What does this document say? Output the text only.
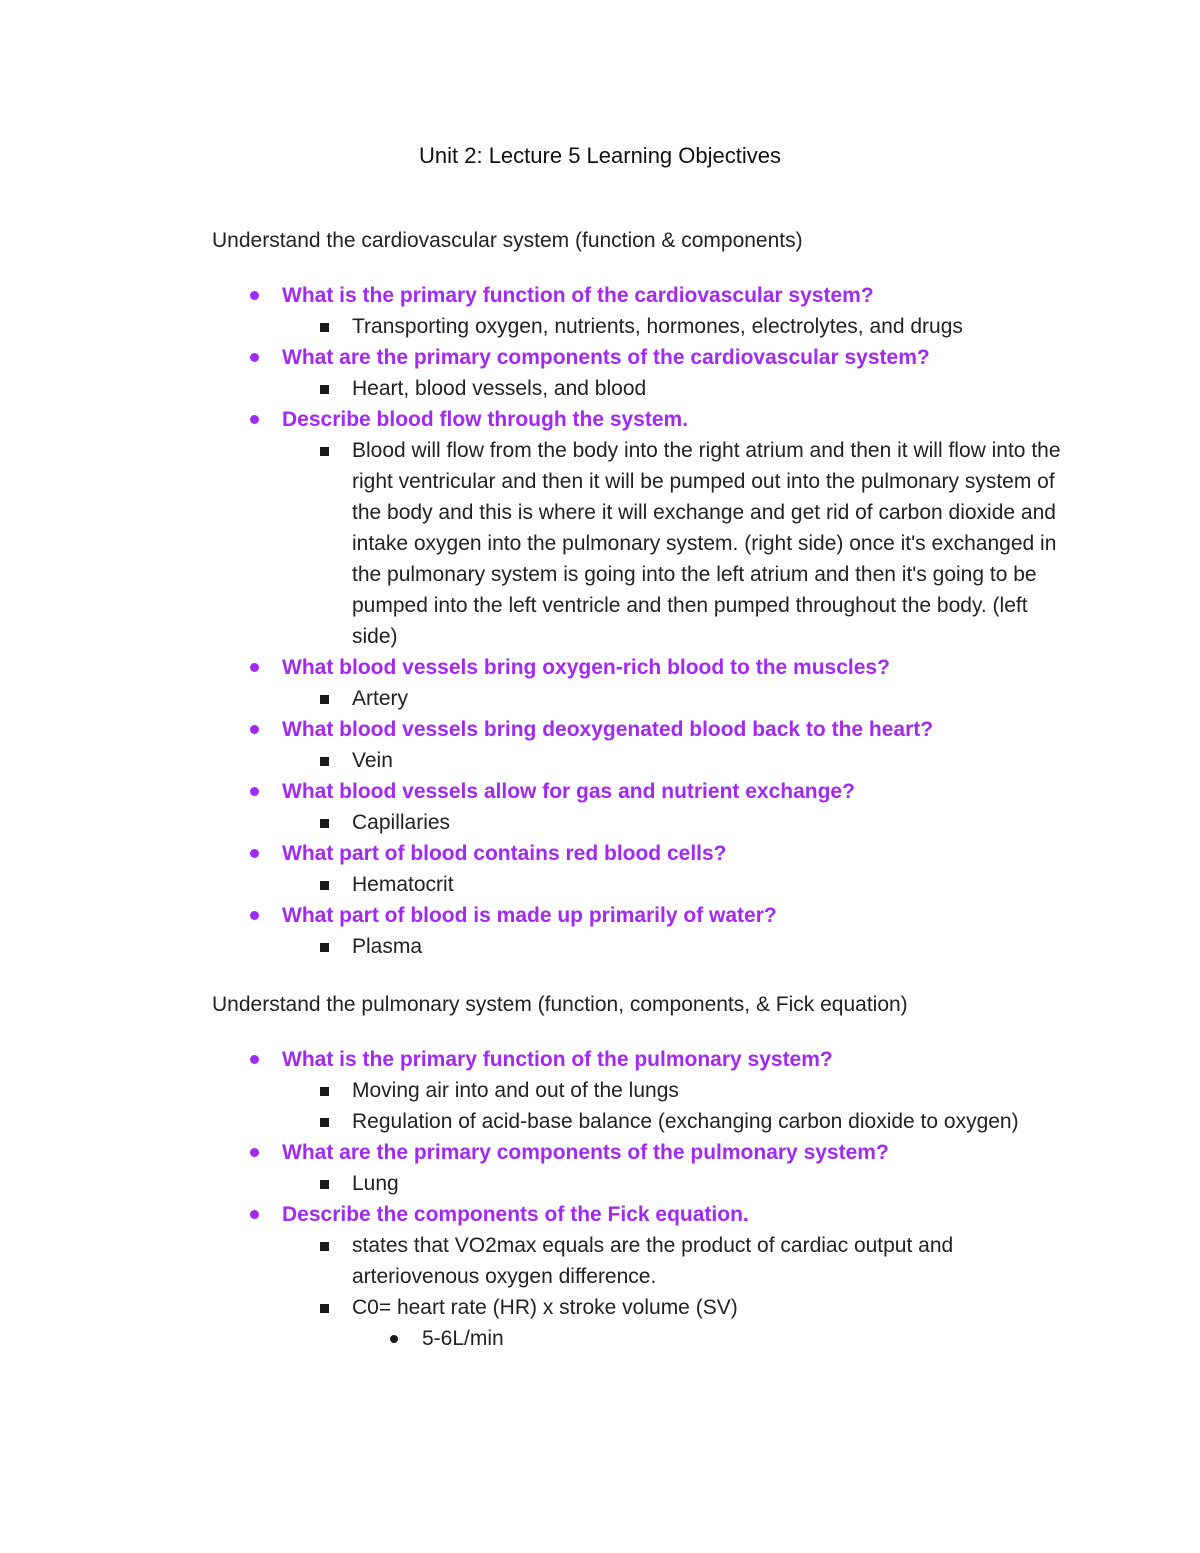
Unit 2: Lecture 5 Learning Objectives
Understand the cardiovascular system (function & components)
What is the primary function of the cardiovascular system?
Transporting oxygen, nutrients, hormones, electrolytes, and drugs
What are the primary components of the cardiovascular system?
Heart, blood vessels, and blood
Describe blood flow through the system.
Blood will flow from the body into the right atrium and then it will flow into the right ventricular and then it will be pumped out into the pulmonary system of the body and this is where it will exchange and get rid of carbon dioxide and intake oxygen into the pulmonary system. (right side) once it's exchanged in the pulmonary system is going into the left atrium and then it's going to be pumped into the left ventricle and then pumped throughout the body. (left side)
What blood vessels bring oxygen-rich blood to the muscles?
Artery
What blood vessels bring deoxygenated blood back to the heart?
Vein
What blood vessels allow for gas and nutrient exchange?
Capillaries
What part of blood contains red blood cells?
Hematocrit
What part of blood is made up primarily of water?
Plasma
Understand the pulmonary system (function, components, & Fick equation)
What is the primary function of the pulmonary system?
Moving air into and out of the lungs
Regulation of acid-base balance (exchanging carbon dioxide to oxygen)
What are the primary components of the pulmonary system?
Lung
Describe the components of the Fick equation.
states that VO2max equals are the product of cardiac output and arteriovenous oxygen difference.
C0= heart rate (HR) x stroke volume (SV)
5-6L/min
